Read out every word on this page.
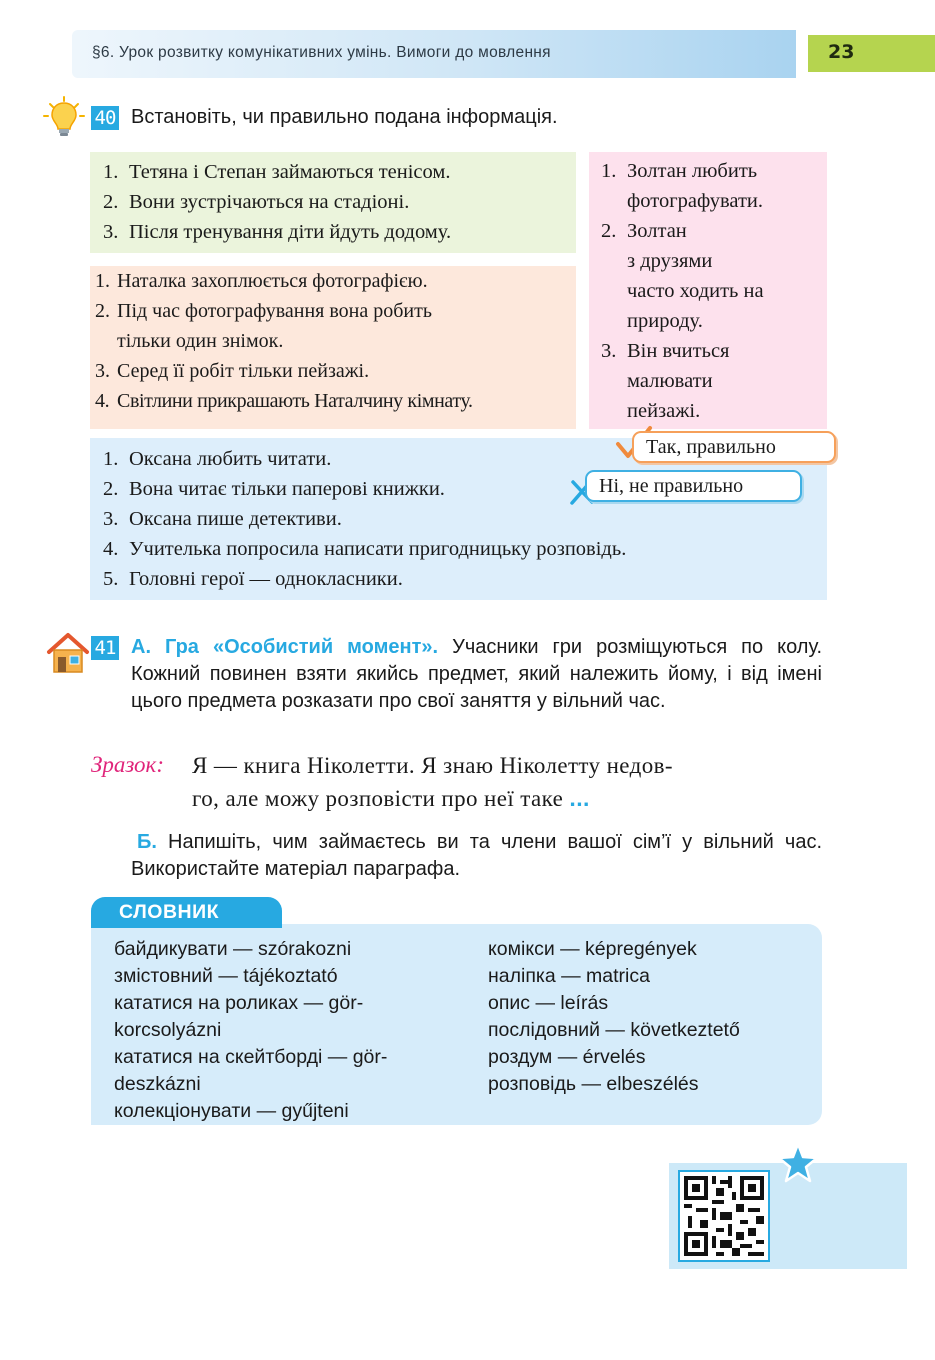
§6. Урок розвитку комунікативних умінь. Вимоги до мовлення	23
40 Встановіть, чи правильно подана інформація.
1. Тетяна і Степан займаються тенісом.
2. Вони зустрічаються на стадіоні.
3. Після тренування діти йдуть додому.
1. Наталка захоплюється фотографією.
2. Під час фотографування вона робить
тільки один знімок.
3. Серед її робіт тільки пейзажі.
4. Світлини прикрашають Наталчину кімнату.
1. Золтан любить
фотографувати.
2. Золтан
з друзями
часто ходить на
природу.
3. Він вчиться
малювати
пейзажі.
1. Оксана любить читати.
2. Вона читає тільки паперові книжки.
3. Оксана пише детективи.
4. Учителька попросила написати пригодницьку розповідь.
5. Головні герої — однокласники.
Так, правильно
Ні, не правильно
41 А. Гра «Особистий момент». Учасники гри розміщуються по колу. Кожний повинен взяти якийсь предмет, який належить йому, і від імені цього предмета розказати про свої заняття у вільний час.
Зразок: Я — книга Ніколетти. Я знаю Ніколетту недов-
го, але можу розповісти про неї таке ...
Б. Напишіть, чим займаєтесь ви та члени вашої сім’ї у вільний час. Використайте матеріал параграфа.
СЛОВНИК
байдикувати — szórakozni
змістовний — tájékoztató
кататися на роликах — gör-
korcsolyázni
кататися на скейтборді — gör-
deszkázni
колекціонувати — gyűjteni
комікси — képregények
наліпка — matrica
опис — leírás
послідовний — következtető
роздум — érvelés
розповідь — elbeszélés
